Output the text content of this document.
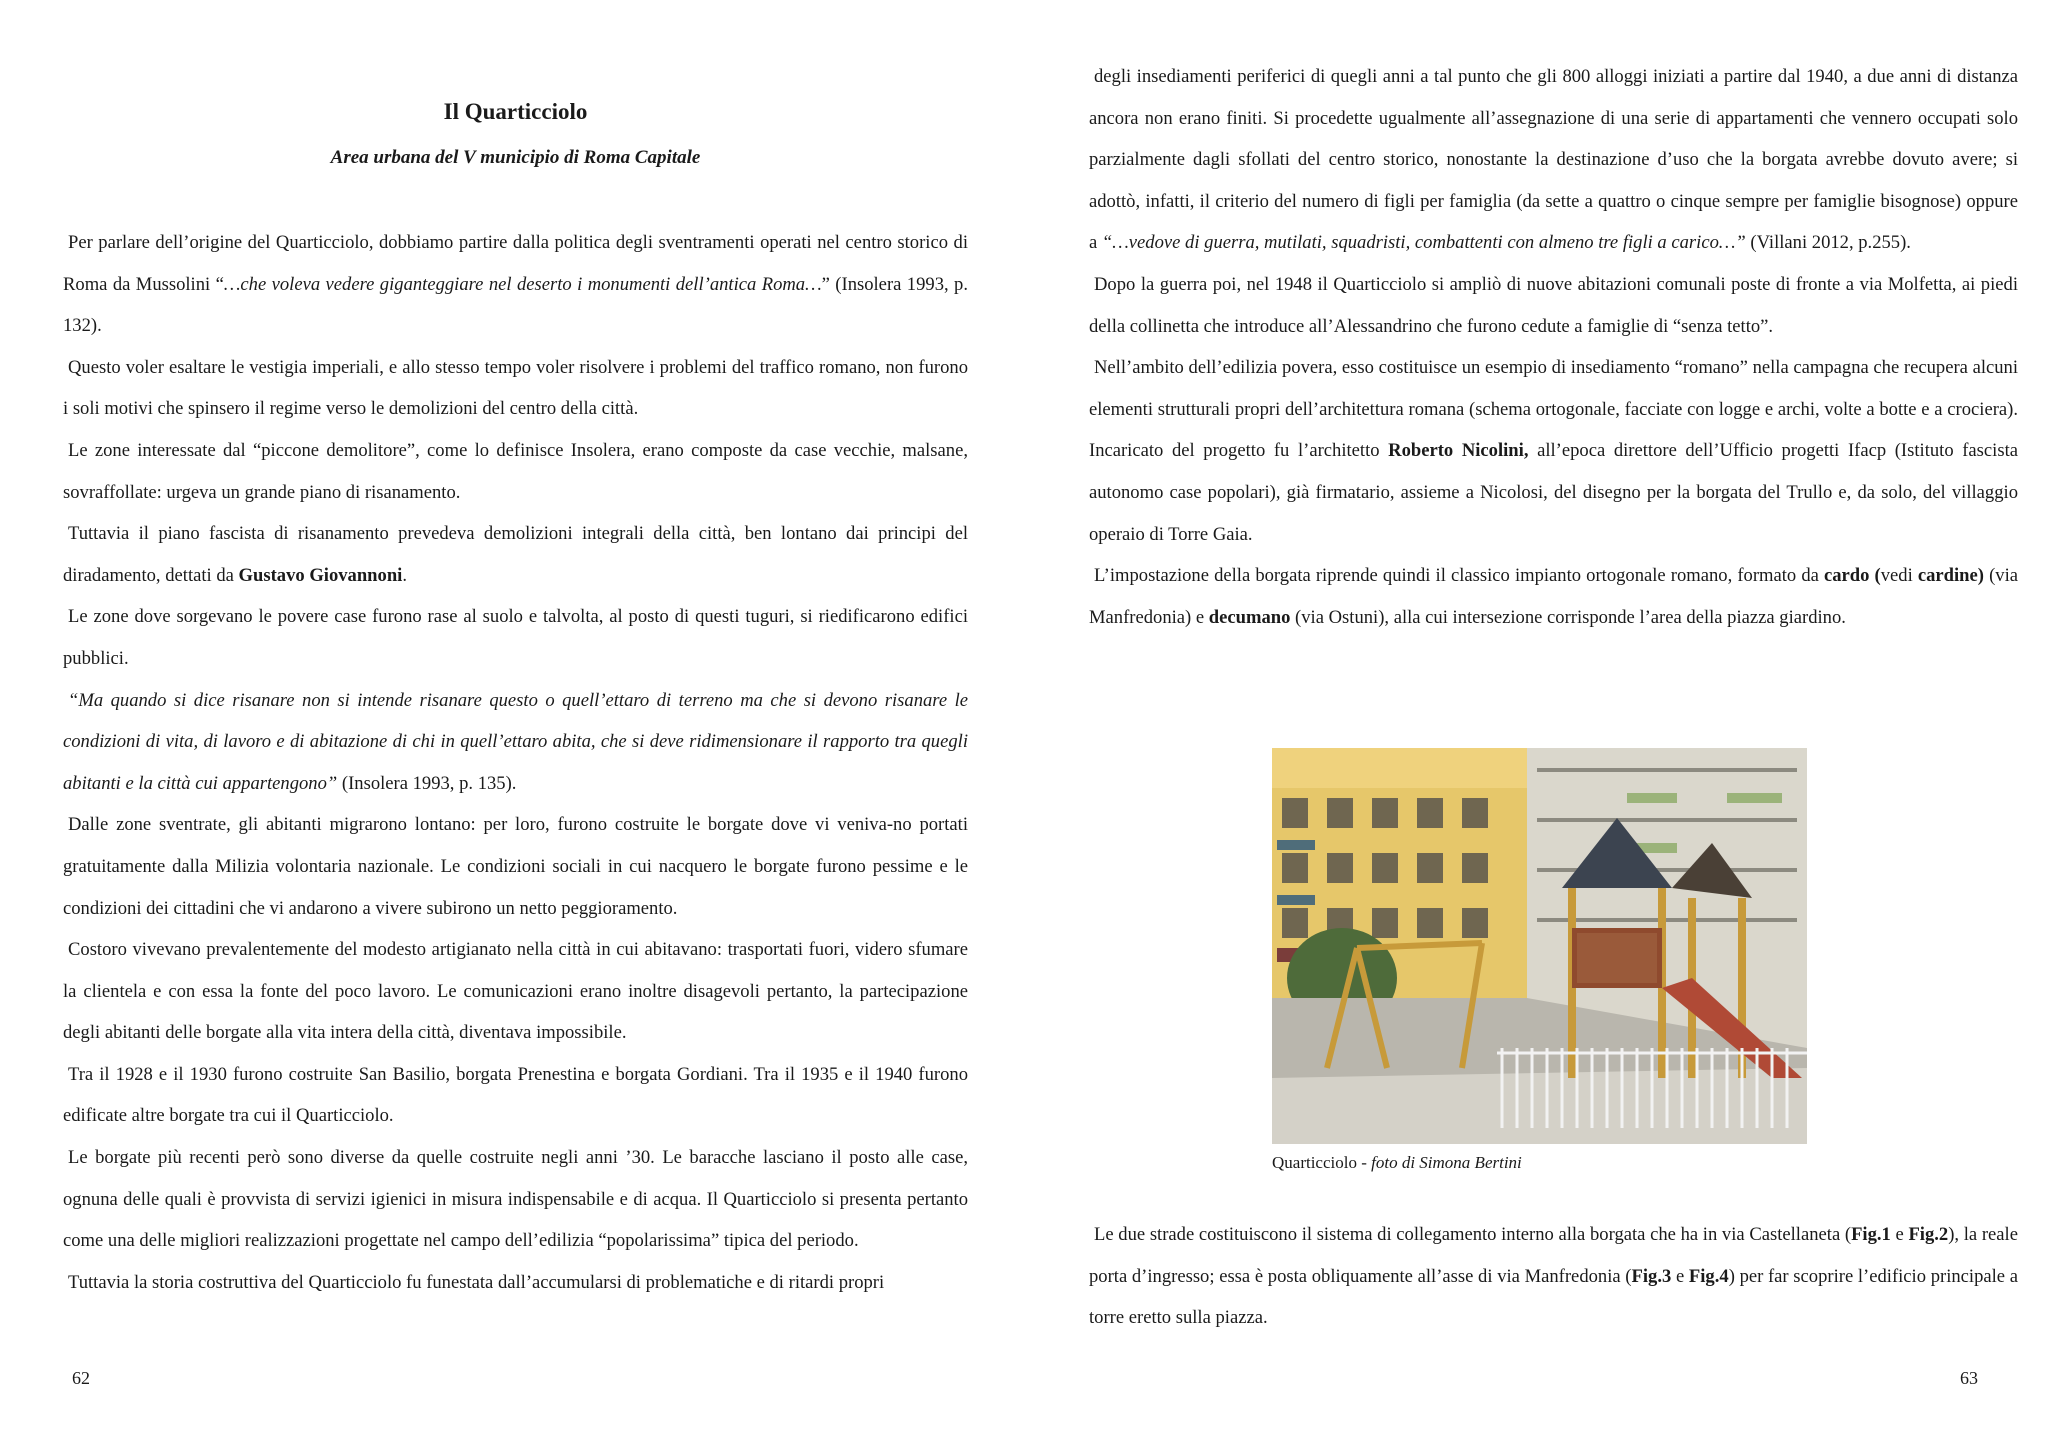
Il Quarticciolo
Area urbana del V municipio di Roma Capitale

Per parlare dell’origine del Quarticciolo, dobbiamo partire dalla politica degli sventramenti operati nel centro storico di Roma da Mussolini “…che voleva vedere giganteggiare nel deserto i monumenti dell’antica Roma…” (Insolera 1993, p. 132).

Questo voler esaltare le vestigia imperiali, e allo stesso tempo voler risolvere i problemi del traffico romano, non furono i soli motivi che spinsero il regime verso le demolizioni del centro della città.

Le zone interessate dal “piccone demolitore”, come lo definisce Insolera, erano composte da case vecchie, malsane, sovraffollate: urgeva un grande piano di risanamento.

Tuttavia il piano fascista di risanamento prevedeva demolizioni integrali della città, ben lontano dai principi del diradamento, dettati da Gustavo Giovannoni.

Le zone dove sorgevano le povere case furono rase al suolo e talvolta, al posto di questi tuguri, si riedificarono edifici pubblici.

“Ma quando si dice risanare non si intende risanare questo o quell’ettaro di terreno ma che si devono risanare le condizioni di vita, di lavoro e di abitazione di chi in quell’ettaro abita, che si deve ridimensionare il rapporto tra quegli abitanti e la città cui appartengono” (Insolera 1993, p. 135).

Dalle zone sventrate, gli abitanti migrarono lontano: per loro, furono costruite le borgate dove vi veniva-no portati gratuitamente dalla Milizia volontaria nazionale. Le condizioni sociali in cui nacquero le borgate furono pessime e le condizioni dei cittadini che vi andarono a vivere subirono un netto peggioramento.

Costoro vivevano prevalentemente del modesto artigianato nella città in cui abitavano: trasportati fuori, videro sfumare la clientela e con essa la fonte del poco lavoro. Le comunicazioni erano inoltre disagevoli pertanto, la partecipazione degli abitanti delle borgate alla vita intera della città, diventava impossibile.

Tra il 1928 e il 1930 furono costruite San Basilio, borgata Prenestina e borgata Gordiani. Tra il 1935 e il 1940 furono edificate altre borgate tra cui il Quarticciolo.

Le borgate più recenti però sono diverse da quelle costruite negli anni ’30. Le baracche lasciano il posto alle case, ognuna delle quali è provvista di servizi igienici in misura indispensabile e di acqua. Il Quarticciolo si presenta pertanto come una delle migliori realizzazioni progettate nel campo dell’edilizia “popolarissima” tipica del periodo.

Tuttavia la storia costruttiva del Quarticciolo fu funestata dall’accumularsi di problematiche e di ritardi propri

62

degli insediamenti periferici di quegli anni a tal punto che gli 800 alloggi iniziati a partire dal 1940, a due anni di distanza ancora non erano finiti. Si procedette ugualmente all’assegnazione di una serie di appartamenti che vennero occupati solo parzialmente dagli sfollati del centro storico, nonostante la destinazione d’uso che la borgata avrebbe dovuto avere; si adottò, infatti, il criterio del numero di figli per famiglia (da sette a quattro o cinque sempre per famiglie bisognose) oppure a “…vedove di guerra, mutilati, squadristi, combattenti con almeno tre figli a carico…” (Villani 2012, p.255).

Dopo la guerra poi, nel 1948 il Quarticciolo si ampliò di nuove abitazioni comunali poste di fronte a via Molfetta, ai piedi della collinetta che introduce all’Alessandrino che furono cedute a famiglie di “senza tetto”.

Nell’ambito dell’edilizia povera, esso costituisce un esempio di insediamento “romano” nella campagna che recupera alcuni elementi strutturali propri dell’architettura romana (schema ortogonale, facciate con logge e archi, volte a botte e a crociera). Incaricato del progetto fu l’architetto Roberto Nicolini, all’epoca direttore dell’Ufficio progetti Ifacp (Istituto fascista autonomo case popolari), già firmatario, assieme a Nicolosi, del disegno per la borgata del Trullo e, da solo, del villaggio operaio di Torre Gaia.

L’impostazione della borgata riprende quindi il classico impianto ortogonale romano, formato da cardo (vedi cardine) (via Manfredonia) e decumano (via Ostuni), alla cui intersezione corrisponde l’area della piazza giardino.

Quarticciolo - foto di Simona Bertini

Le due strade costituiscono il sistema di collegamento interno alla borgata che ha in via Castellaneta (Fig.1 e Fig.2), la reale porta d’ingresso; essa è posta obliquamente all’asse di via Manfredonia (Fig.3 e Fig.4) per far scoprire l’edificio principale a torre eretto sulla piazza.

63
